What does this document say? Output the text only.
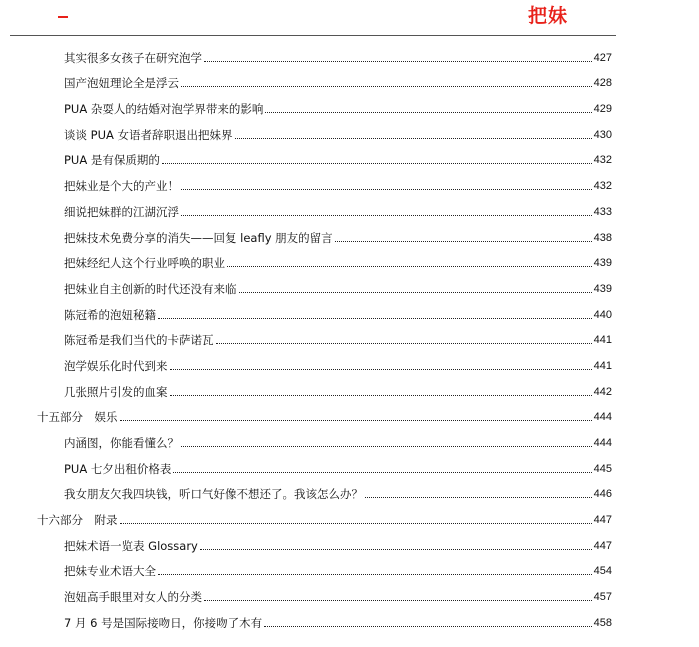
把妹
其实很多女孩子在研究泡学	427
国产泡妞理论全是浮云	428
PUA 杂耍人的结婚对泡学界带来的影响	429
谈谈 PUA 女语者辞职退出把妹界	430
PUA 是有保质期的	432
把妹业是个大的产业！	432
细说把妹群的江湖沉浮	433
把妹技术免费分享的消失——回复 leafly 朋友的留言	438
把妹经纪人这个行业呼唤的职业	439
把妹业自主创新的时代还没有来临	439
陈冠希的泡妞秘籍	440
陈冠希是我们当代的卡萨诺瓦	441
泡学娱乐化时代到来	441
几张照片引发的血案	442
十五部分　娱乐	444
内涵图，你能看懂么？	444
PUA 七夕出租价格表	445
我女朋友欠我四块钱，听口气好像不想还了。我该怎么办？	446
十六部分　附录	447
把妹术语一览表 Glossary	447
把妹专业术语大全	454
泡妞高手眼里对女人的分类	457
7 月 6 号是国际接吻日，你接吻了木有	458
